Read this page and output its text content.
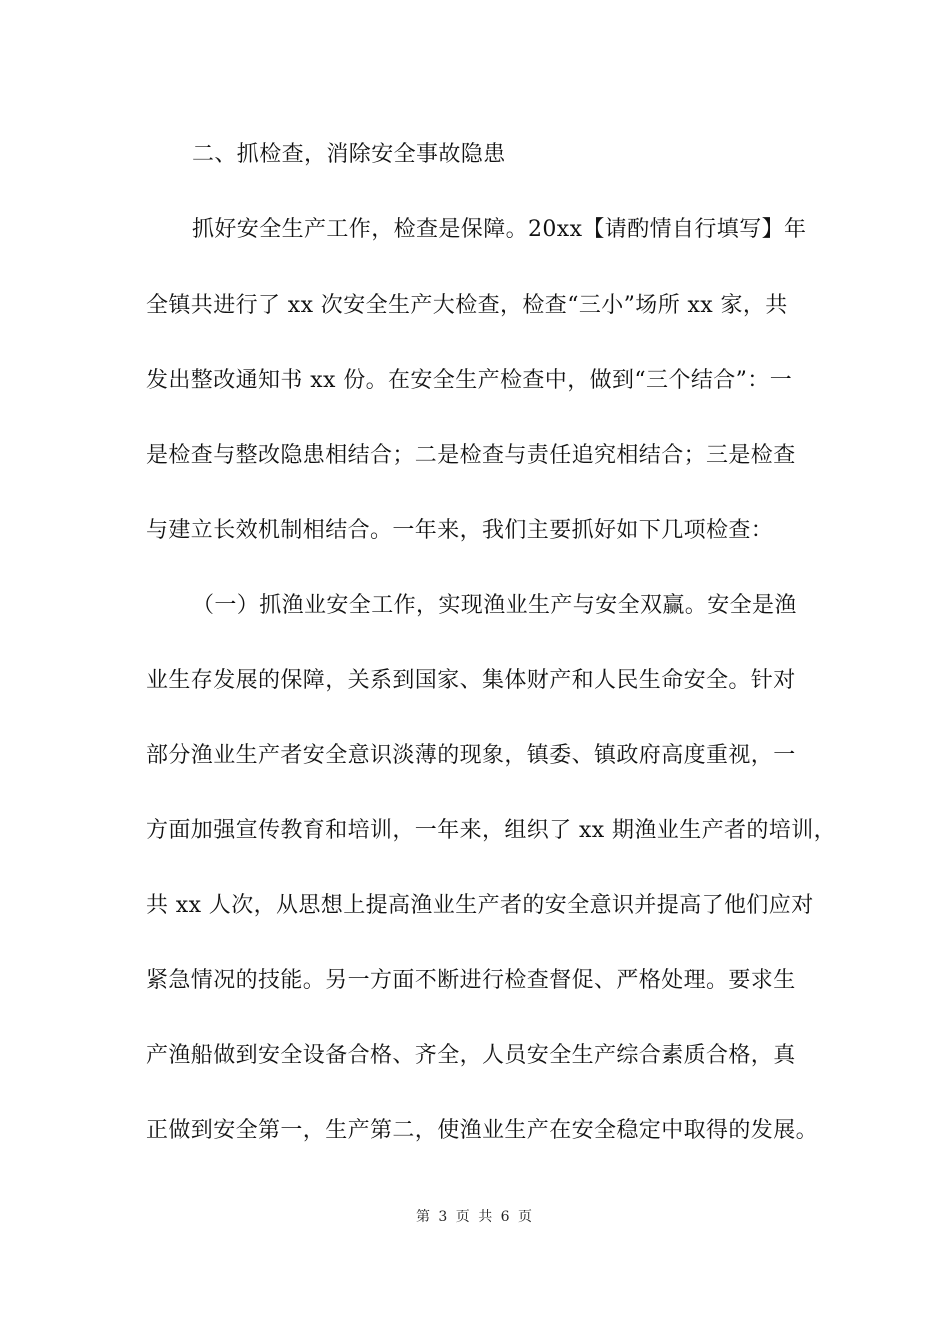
二、抓检查，消除安全事故隐患
抓好安全生产工作，检查是保障。20xx【请酌情自行填写】年
全镇共进行了 xx 次安全生产大检查，检查“三小”场所 xx 家，共
发出整改通知书 xx 份。在安全生产检查中，做到“三个结合”：一
是检查与整改隐患相结合；二是检查与责任追究相结合；三是检查
与建立长效机制相结合。一年来，我们主要抓好如下几项检查：
（一）抓渔业安全工作，实现渔业生产与安全双赢。安全是渔
业生存发展的保障，关系到国家、集体财产和人民生命安全。针对
部分渔业生产者安全意识淡薄的现象，镇委、镇政府高度重视，一
方面加强宣传教育和培训，一年来，组织了 xx 期渔业生产者的培训，
共 xx 人次，从思想上提高渔业生产者的安全意识并提高了他们应对
紧急情况的技能。另一方面不断进行检查督促、严格处理。要求生
产渔船做到安全设备合格、齐全，人员安全生产综合素质合格，真
正做到安全第一，生产第二，使渔业生产在安全稳定中取得的发展。
第 3 页 共 6 页
